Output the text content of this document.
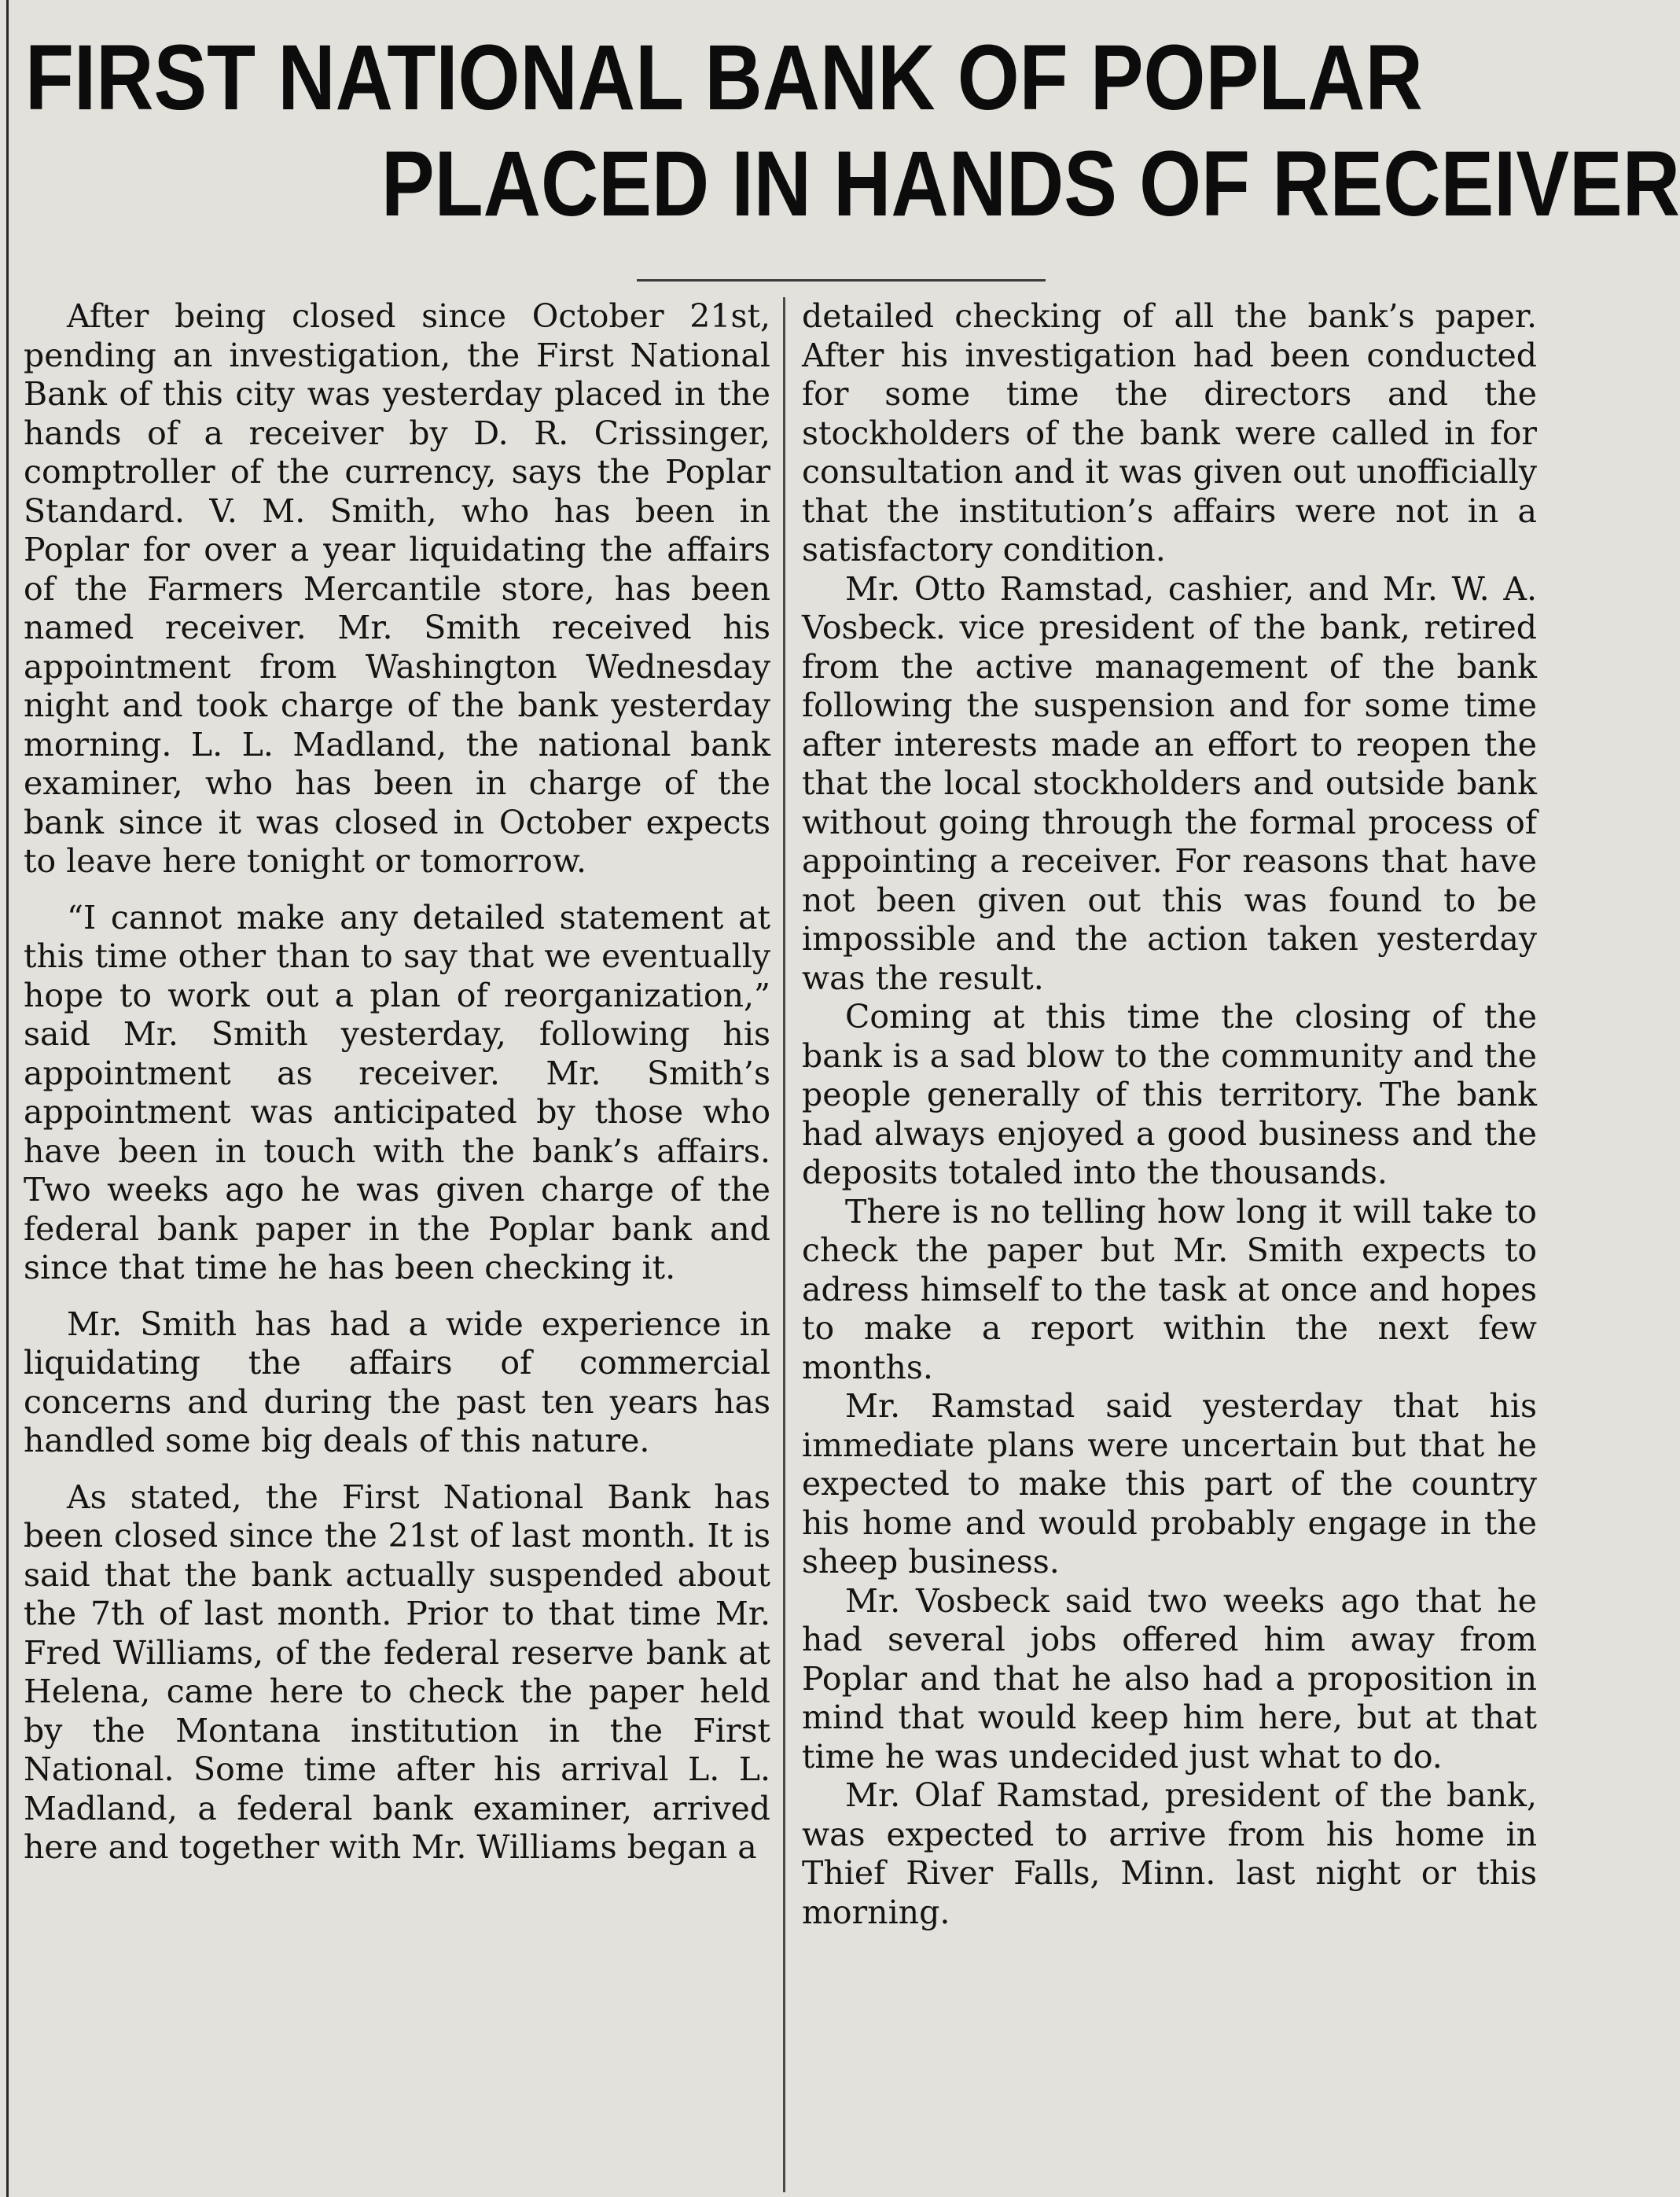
FIRST NATIONAL BANK OF POPLAR
PLACED IN HANDS OF RECEIVER

After being closed since October 21st, pending an investigation, the First National Bank of this city was yesterday placed in the hands of a receiver by D. R. Crissinger, comptroller of the currency, says the Poplar Standard. V. M. Smith, who has been in Poplar for over a year liquidating the affairs of the Farmers Mercantile store, has been named receiver. Mr. Smith received his appointment from Washington Wednesday night and took charge of the bank yesterday morning. L. L. Madland, the national bank examiner, who has been in charge of the bank since it was closed in October expects to leave here tonight or tomorrow.

“I cannot make any detailed statement at this time other than to say that we eventually hope to work out a plan of reorganization,” said Mr. Smith yesterday, following his appointment as receiver. Mr. Smith’s appointment was anticipated by those who have been in touch with the bank’s affairs. Two weeks ago he was given charge of the federal bank paper in the Poplar bank and since that time he has been checking it.

Mr. Smith has had a wide experience in liquidating the affairs of commercial concerns and during the past ten years has handled some big deals of this nature.

As stated, the First National Bank has been closed since the 21st of last month. It is said that the bank actually suspended about the 7th of last month. Prior to that time Mr. Fred Williams, of the federal reserve bank at Helena, came here to check the paper held by the Montana institution in the First National. Some time after his arrival L. L. Madland, a federal bank examiner, arrived here and together with Mr. Williams began a

detailed checking of all the bank’s paper. After his investigation had been conducted for some time the directors and the stockholders of the bank were called in for consultation and it was given out unofficially that the institution’s affairs were not in a satisfactory condition.

Mr. Otto Ramstad, cashier, and Mr. W. A. Vosbeck. vice president of the bank, retired from the active management of the bank following the suspension and for some time after interests made an effort to reopen the that the local stockholders and outside bank without going through the formal process of appointing a receiver. For reasons that have not been given out this was found to be impossible and the action taken yesterday was the result.

Coming at this time the closing of the bank is a sad blow to the community and the people generally of this territory. The bank had always enjoyed a good business and the deposits totaled into the thousands.

There is no telling how long it will take to check the paper but Mr. Smith expects to adress himself to the task at once and hopes to make a report within the next few months.

Mr. Ramstad said yesterday that his immediate plans were uncertain but that he expected to make this part of the country his home and would probably engage in the sheep business.

Mr. Vosbeck said two weeks ago that he had several jobs offered him away from Poplar and that he also had a proposition in mind that would keep him here, but at that time he was undecided just what to do.

Mr. Olaf Ramstad, president of the bank, was expected to arrive from his home in Thief River Falls, Minn. last night or this morning.
